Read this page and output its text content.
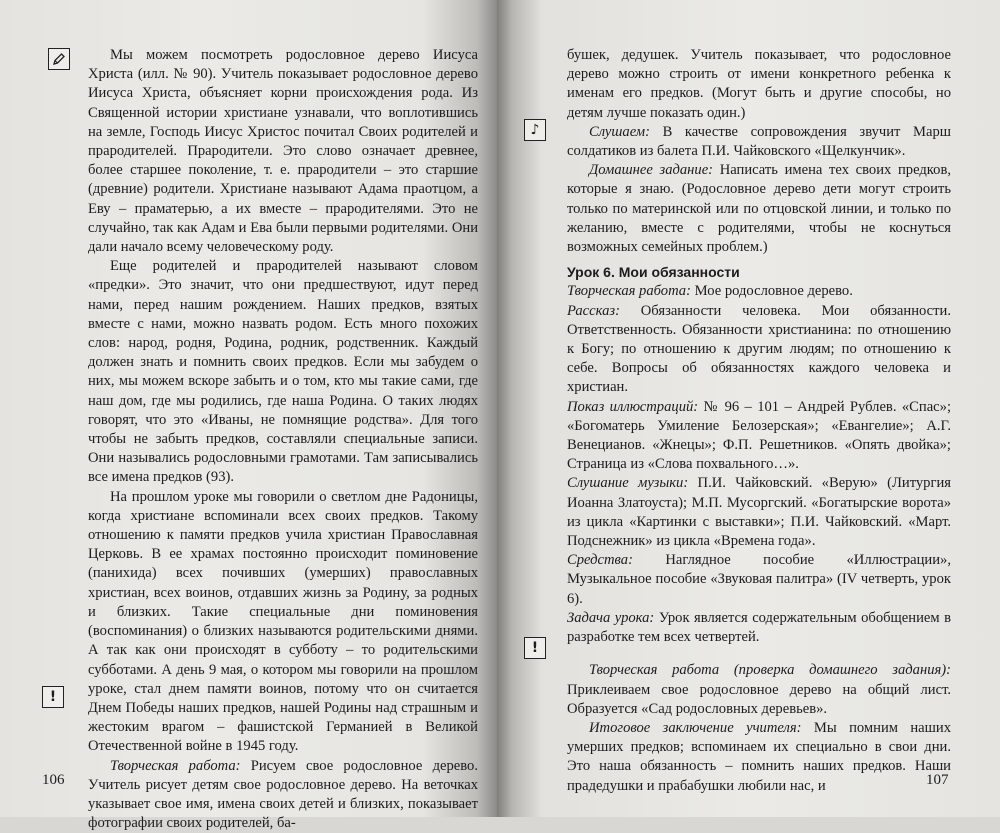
!

Мы можем посмотреть родословное дерево Иисуса Христа (илл. № 90). Учитель показывает родословное дерево Иисуса Христа, объясняет корни происхождения рода. Из Священной истории христиане узнавали, что воплотившись на земле, Господь Иисус Христос почитал Своих родителей и прародителей. Прародители. Это слово означает древнее, более старшее поколение, т. е. прародители – это старшие (древние) родители. Христиане называют Адама праотцом, а Еву – праматерью, а их вместе – прародителями. Это не случайно, так как Адам и Ева были первыми родителями. Они дали начало всему человеческому роду.

Еще родителей и прародителей называют словом «предки». Это значит, что они предшествуют, идут перед нами, перед нашим рождением. Наших предков, взятых вместе с нами, можно назвать родом. Есть много похожих слов: народ, родня, Родина, родник, родственник. Каждый должен знать и помнить своих предков. Если мы забудем о них, мы можем вскоре забыть и о том, кто мы такие сами, где наш дом, где мы родились, где наша Родина. О таких людях говорят, что это «Иваны, не помнящие родства». Для того чтобы не забыть предков, составляли специальные записи. Они назывались родословными грамотами. Там записывались все имена предков (93).

На прошлом уроке мы говорили о светлом дне Радоницы, когда христиане вспоминали всех своих предков. Такому отношению к памяти предков учила христиан Православная Церковь. В ее храмах постоянно происходит поминовение (панихида) всех почивших (умерших) православных христиан, всех воинов, отдавших жизнь за Родину, за родных и близких. Такие специальные дни поминовения (воспоминания) о близких называются родительскими днями. А так как они происходят в субботу – то родительскими субботами. А день 9 мая, о котором мы говорили на прошлом уроке, стал днем памяти воинов, потому что он считается Днем Победы наших предков, нашей Родины над страшным и жестоким врагом – фашистской Германией в Великой Отечественной войне в 1945 году.

Творческая работа: Рисуем свое родословное дерево. Учитель рисует детям свое родословное дерево. На веточках указывает свое имя, имена своих детей и близких, показывает фотографии своих родителей, ба-

106
♪
!

бушек, дедушек. Учитель показывает, что родословное дерево можно строить от имени конкретного ребенка к именам его предков. (Могут быть и другие способы, но детям лучше показать один.)

Слушаем: В качестве сопровождения звучит Марш солдатиков из балета П.И. Чайковского «Щелкунчик».

Домашнее задание: Написать имена тех своих предков, которые я знаю. (Родословное дерево дети могут строить только по материнской или по отцовской линии, и только по желанию, вместе с родителями, чтобы не коснуться возможных семейных проблем.)

Урок 6. Мои обязанности

Творческая работа: Мое родословное дерево.

Рассказ: Обязанности человека. Мои обязанности. Ответственность. Обязанности христианина: по отношению к Богу; по отношению к другим людям; по отношению к себе. Вопросы об обязанностях каждого человека и христиан.

Показ иллюстраций: № 96 – 101 – Андрей Рублев. «Спас»; «Богоматерь Умиление Белозерская»; «Евангелие»; А.Г. Венецианов. «Жнецы»; Ф.П. Решетников. «Опять двойка»; Страница из «Слова похвального…».

Слушание музыки: П.И. Чайковский. «Верую» (Литургия Иоанна Златоуста); М.П. Мусоргский. «Богатырские ворота» из цикла «Картинки с выставки»; П.И. Чайковский. «Март. Подснежник» из цикла «Времена года».

Средства: Наглядное пособие «Иллюстрации», Музыкальное пособие «Звуковая палитра» (IV четверть, урок 6).

Задача урока: Урок является содержательным обобщением в разработке тем всех четвертей.

Творческая работа (проверка домашнего задания): Приклеиваем свое родословное дерево на общий лист. Образуется «Сад родословных деревьев».

Итоговое заключение учителя: Мы помним наших умерших предков; вспоминаем их специально в свои дни. Это наша обязанность – помнить наших предков. Наши прадедушки и прабабушки любили нас, и	107
